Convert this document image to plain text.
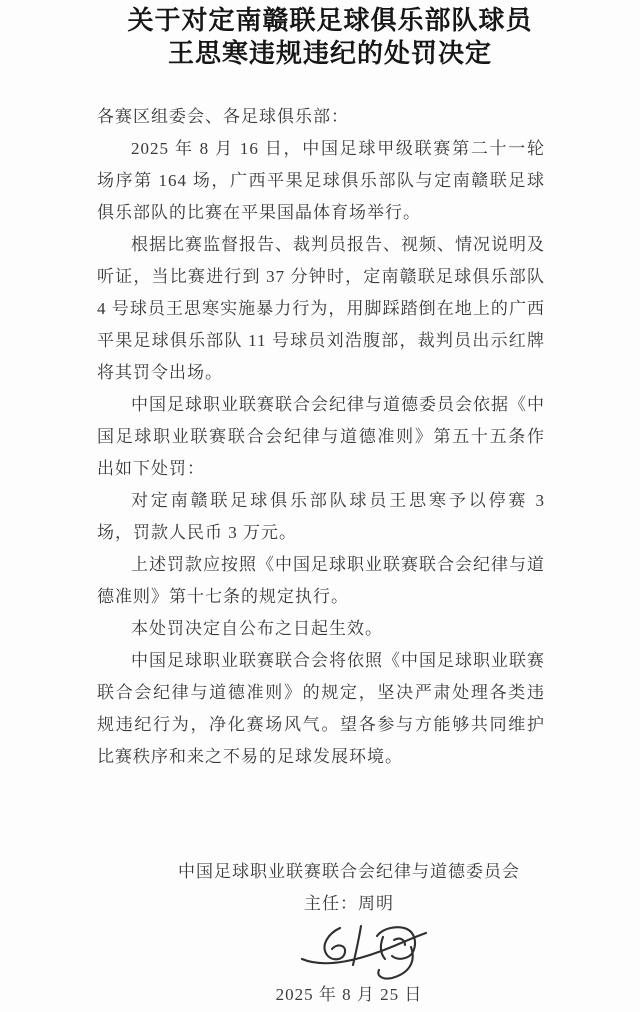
关于对定南赣联足球俱乐部队球员
王思寒违规违纪的处罚决定

各赛区组委会、各足球俱乐部：

2025 年 8 月 16 日，中国足球甲级联赛第二十一轮场序第 164 场，广西平果足球俱乐部队与定南赣联足球俱乐部队的比赛在平果国晶体育场举行。

根据比赛监督报告、裁判员报告、视频、情况说明及听证，当比赛进行到 37 分钟时，定南赣联足球俱乐部队 4 号球员王思寒实施暴力行为，用脚踩踏倒在地上的广西平果足球俱乐部队 11 号球员刘浩腹部，裁判员出示红牌将其罚令出场。

中国足球职业联赛联合会纪律与道德委员会依据《中国足球职业联赛联合会纪律与道德准则》第五十五条作出如下处罚：

对定南赣联足球俱乐部队球员王思寒予以停赛 3 场，罚款人民币 3 万元。

上述罚款应按照《中国足球职业联赛联合会纪律与道德准则》第十七条的规定执行。

本处罚决定自公布之日起生效。

中国足球职业联赛联合会将依照《中国足球职业联赛联合会纪律与道德准则》的规定，坚决严肃处理各类违规违纪行为，净化赛场风气。望各参与方能够共同维护比赛秩序和来之不易的足球发展环境。

中国足球职业联赛联合会纪律与道德委员会
主任：周明
2025 年 8 月 25 日
